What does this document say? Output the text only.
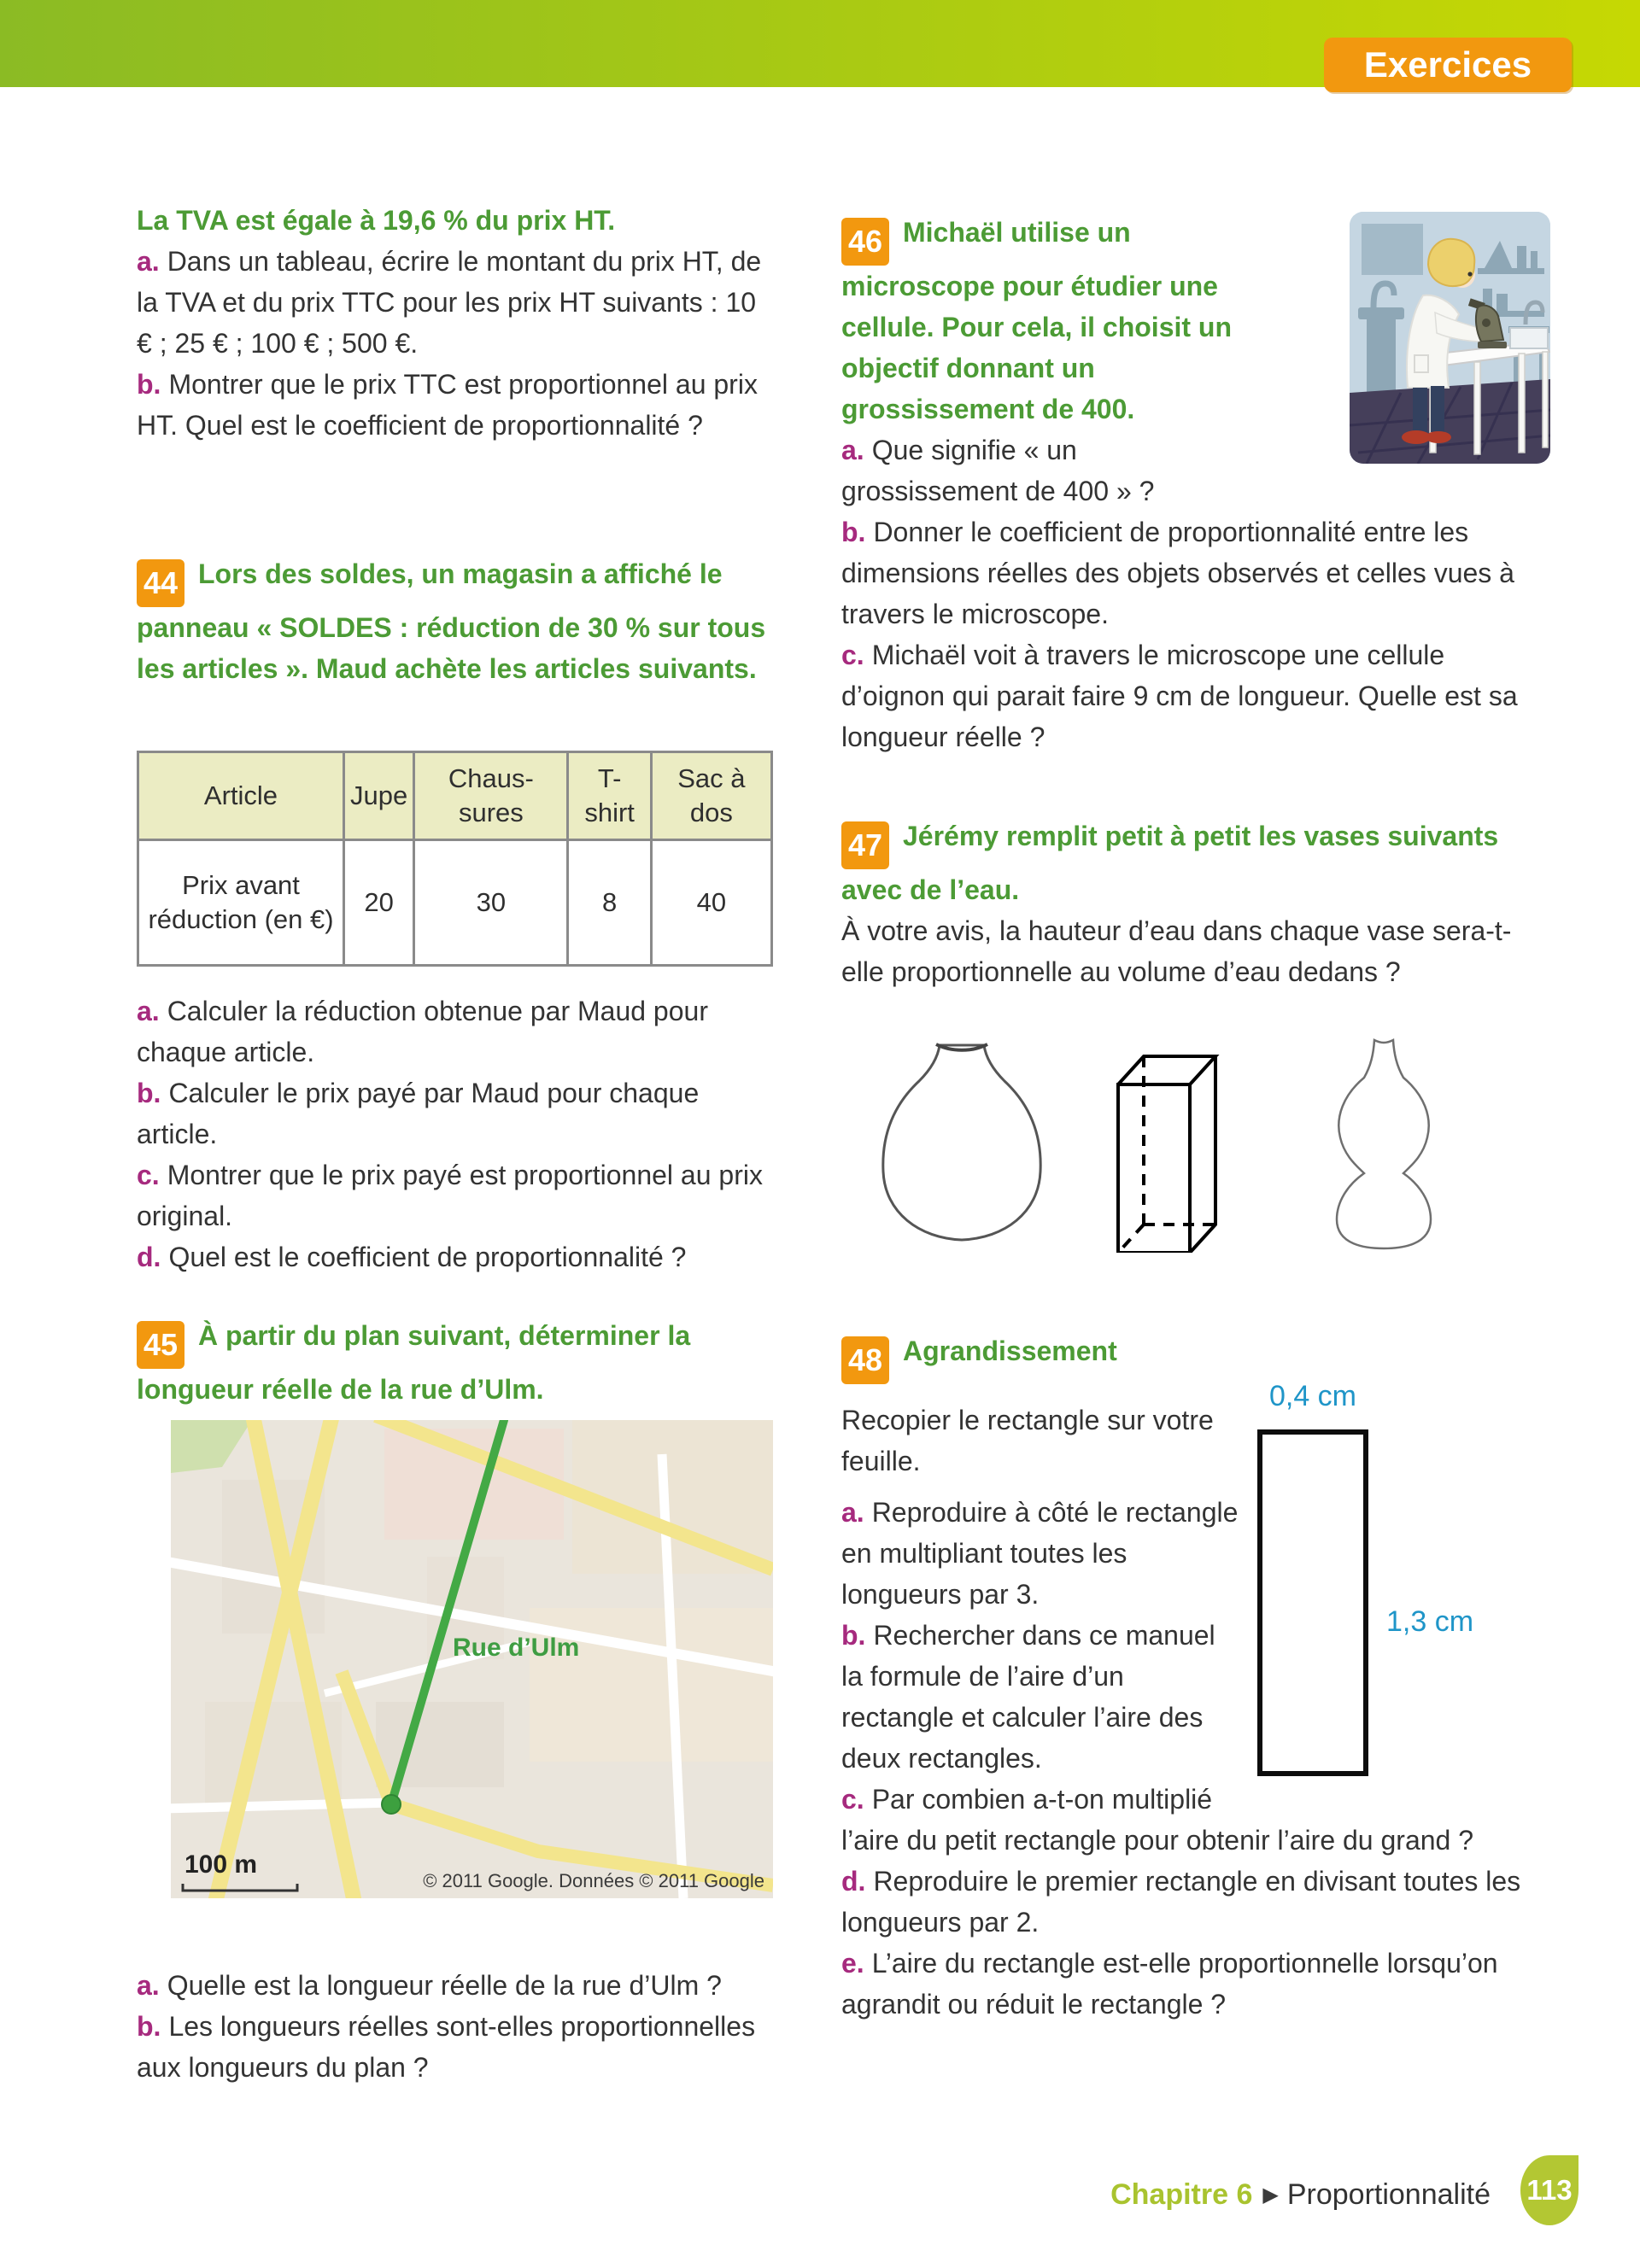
Exercices

La TVA est égale à 19,6 % du prix HT.

a. Dans un tableau, écrire le montant du prix HT, de la TVA et du prix TTC pour les prix HT suivants : 10 € ; 25 € ; 100 € ; 500 €.

b. Montrer que le prix TTC est proportionnel au prix HT. Quel est le coefficient de proportionnalité ?

44 Lors des soldes, un magasin a affiché le panneau « SOLDES : réduction de 30 % sur tous les articles ». Maud achète les articles suivants.

Article	Jupe	Chaus-sures	T-shirt	Sac à dos
Prix avant réduction (en €)	20	30	8	40

a. Calculer la réduction obtenue par Maud pour chaque article.

b. Calculer le prix payé par Maud pour chaque article.

c. Montrer que le prix payé est proportionnel au prix original.

d. Quel est le coefficient de proportionnalité ?

45 À partir du plan suivant, déterminer la longueur réelle de la rue d’Ulm.

Rue d’Ulm
100 m
© 2011 Google. Données © 2011 Google

a. Quelle est la longueur réelle de la rue d’Ulm ?

b. Les longueurs réelles sont-elles proportionnelles aux longueurs du plan ?

46 Michaël utilise un microscope pour étudier une cellule. Pour cela, il choisit un objectif donnant un grossissement de 400.

a. Que signifie « un grossissement de 400 » ?

b. Donner le coefficient de proportionnalité entre les dimensions réelles des objets observés et celles vues à travers le microscope.

c. Michaël voit à travers le microscope une cellule d’oignon qui parait faire 9 cm de longueur. Quelle est sa longueur réelle ?

47 Jérémy remplit petit à petit les vases suivants avec de l’eau.

À votre avis, la hauteur d’eau dans chaque vase sera-t-elle proportionnelle au volume d’eau dedans ?

0,4 cm
1,3 cm

48 Agrandissement

Recopier le rectangle sur votre feuille.

a. Reproduire à côté le rectangle en multipliant toutes les longueurs par 3.

b. Rechercher dans ce manuel la formule de l’aire d’un rectangle et calculer l’aire des deux rectangles.

c. Par combien a-t-on multiplié l’aire du petit rectangle pour obtenir l’aire du grand ?

d. Reproduire le premier rectangle en divisant toutes les longueurs par 2.

e. L’aire du rectangle est-elle proportionnelle lorsqu’on agrandit ou réduit le rectangle ?

Chapitre 6 ▶ Proportionnalité 113
